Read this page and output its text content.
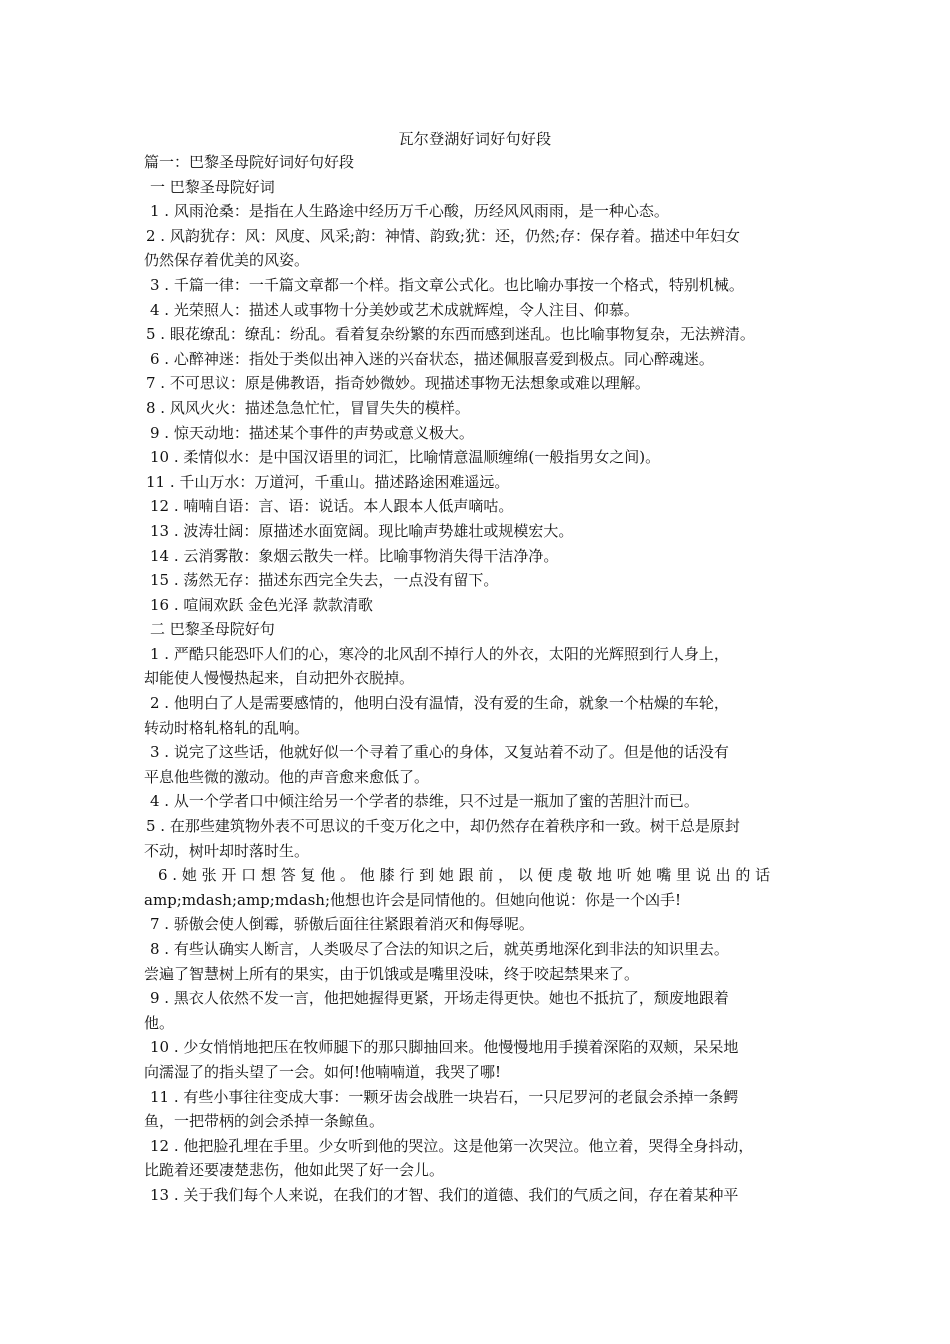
瓦尔登湖好词好句好段
篇一：巴黎圣母院好词好句好段
一 巴黎圣母院好词
1 . 风雨沧桑：是指在人生路途中经历万千心酸，历经风风雨雨，是一种心态。
2 . 风韵犹存：风：风度、风采;韵：神情、韵致;犹：还，仍然;存：保存着。描述中年妇女
仍然保存着优美的风姿。
3 . 千篇一律：一千篇文章都一个样。指文章公式化。也比喻办事按一个格式，特别机械。
4 . 光荣照人：描述人或事物十分美妙或艺术成就辉煌，令人注目、仰慕。
5 . 眼花缭乱：缭乱：纷乱。看着复杂纷繁的东西而感到迷乱。也比喻事物复杂，无法辨清。
6 . 心醉神迷：指处于类似出神入迷的兴奋状态，描述佩服喜爱到极点。同心醉魂迷。
7 . 不可思议：原是佛教语，指奇妙微妙。现描述事物无法想象或难以理解。
8 . 风风火火：描述急急忙忙，冒冒失失的模样。
9 . 惊天动地：描述某个事件的声势或意义极大。
10 . 柔情似水：是中国汉语里的词汇，比喻情意温顺缠绵(一般指男女之间)。
11 . 千山万水：万道河，千重山。描述路途困难遥远。
12 . 喃喃自语：言、语：说话。本人跟本人低声嘀咕。
13 . 波涛壮阔：原描述水面宽阔。现比喻声势雄壮或规模宏大。
14 . 云消雾散：象烟云散失一样。比喻事物消失得干洁净净。
15 . 荡然无存：描述东西完全失去，一点没有留下。
16 . 喧闹欢跃 金色光泽 款款清歌
二 巴黎圣母院好句
1 . 严酷只能恐吓人们的心，寒冷的北风刮不掉行人的外衣，太阳的光辉照到行人身上，
却能使人慢慢热起来，自动把外衣脱掉。
2 . 他明白了人是需要感情的，他明白没有温情，没有爱的生命，就象一个枯燥的车轮，
转动时格轧格轧的乱响。
3 . 说完了这些话，他就好似一个寻着了重心的身体，又复站着不动了。但是他的话没有
平息他些微的激动。他的声音愈来愈低了。
4 . 从一个学者口中倾注给另一个学者的恭维，只不过是一瓶加了蜜的苦胆汁而已。
5 . 在那些建筑物外表不可思议的千变万化之中，却仍然存在着秩序和一致。树干总是原封
不动，树叶却时落时生。
6 . 她 张 开 口 想 答 复 他 。 他 膝 行 到 她 跟 前 ， 以 便 虔 敬 地 听 她 嘴 里 说 出 的 话
amp;mdash;amp;mdash;他想也许会是同情他的。但她向他说：你是一个凶手!
7 . 骄傲会使人倒霉，骄傲后面往往紧跟着消灭和侮辱呢。
8 . 有些认确实人断言，人类吸尽了合法的知识之后，就英勇地深化到非法的知识里去。
尝遍了智慧树上所有的果实，由于饥饿或是嘴里没味，终于咬起禁果来了。
9 . 黑衣人依然不发一言，他把她握得更紧，开场走得更快。她也不抵抗了，颓废地跟着
他。
10 . 少女悄悄地把压在牧师腿下的那只脚抽回来。他慢慢地用手摸着深陷的双颊，呆呆地
向濡湿了的指头望了一会。如何!他喃喃道，我哭了哪!
11 . 有些小事往往变成大事：一颗牙齿会战胜一块岩石，一只尼罗河的老鼠会杀掉一条鳄
鱼，一把带柄的剑会杀掉一条鲸鱼。
12 . 他把脸孔埋在手里。少女听到他的哭泣。这是他第一次哭泣。他立着，哭得全身抖动，
比跪着还要凄楚悲伤，他如此哭了好一会儿。
13 . 关于我们每个人来说，在我们的才智、我们的道德、我们的气质之间，存在着某种平
